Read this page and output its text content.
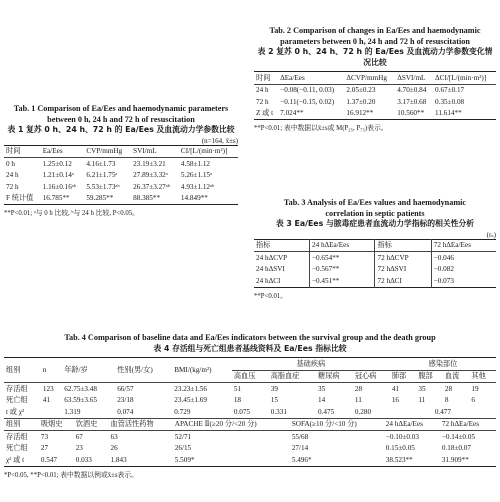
Tab. 1 Comparison of Ea/Ees and haemodynamic parameters between 0 h, 24 h and 72 h of resuscitation
表 1 复苏 0 h、24 h、72 h 的 Ea/Ees 及血流动力学参数比较
(n=164, x̄±s)
时间	Ea/Ees	CVP/mmHg	SVI/mL	CI/[L/(min·m²)]
0 h	1.25±0.12	4.16±1.73	23.19±3.21	4.58±1.12
24 h	1.21±0.14ᵃ	6.21±1.75ᵃ	27.89±3.32ᵃ	5.26±1.15ᵃ
72 h	1.16±0.16ᵃᵇ	5.53±1.73ᵃᵇ	26.37±3.27ᵃᵇ	4.93±1.12ᵃᵇ
F 统计值	16.785**	59.285**	88.385**	14.849**
**P<0.01; ᵃ与 0 h 比较, ᵇ与 24 h 比较, P<0.05。
Tab. 2 Comparison of changes in Ea/Ees and haemodynamic parameters between 0 h, 24 h and 72 h of resuscitation
表 2 复苏 0 h、24 h、72 h 的 Ea/Ees 及血流动力学参数变化情况比较
时间	ΔEa/Ees	ΔCVP/mmHg	ΔSVI/mL	ΔCI/[L/(min·m²)]
24 h	−0.08(−0.11, 0.03)	2.05±0.23	4.70±0.84	0.67±0.17
72 h	−0.11(−0.15, 0.02)	1.37±0.20	3.17±0.68	0.35±0.08
Z 或 t	7.024**	16.912**	10.560**	11.614**
**P<0.01; 表中数据以x̄±s或 M(P₂₅, P₇₅)表示。
Tab. 3 Analysis of Ea/Ees values and haemodynamic correlation in septic patients
表 3 Ea/Ees 与脓毒症患者血流动力学指标的相关性分析
(rₛ)
指标	24 hΔEa/Ees	指标	72 hΔEa/Ees
24 hΔCVP	−0.654**	72 hΔCVP	−0.046
24 hΔSVI	−0.567**	72 hΔSVI	−0.082
24 hΔCI	−0.451**	72 hΔCI	−0.073
**P<0.01。
Tab. 4 Comparison of baseline data and Ea/Ees indicators between the survival group and the death group
表 4 存活组与死亡组患者基线资料及 Ea/Ees 指标比较
组别	n	年龄/岁	性别(男/女)	BMI/(kg/m²)	基础疾病				感染部位			
					高血压	高脂血症	糖尿病	冠心病	肺部	腹部	血流	其他
存活组	123	62.75±3.48	66/57	23.23±1.56	51	39	35	28	41	35	28	19
死亡组	41	63.59±3.65	23/18	23.45±1.69	18	15	14	11	16	11	8	6
t 或 χ²		1.319	0.074	0.729	0.075	0.331	0.475	0.280	0.477			
组别	吸烟史	饮酒史	血管活性药物	APACHE Ⅱ(≥20 分/<20 分)	SOFA(≥10 分/<10 分)	24 hΔEa/Ees	72 hΔEa/Ees
存活组	73	67	63	52/71	55/68	−0.10±0.03	−0.14±0.05
死亡组	27	23	26	26/15	27/14	0.15±0.05	0.18±0.07
χ² 或 t	0.547	0.033	1.843	5.509*	5.496*	38.523**	31.909**
*P<0.05, **P<0.01; 表中数据以例或x̄±s表示。
